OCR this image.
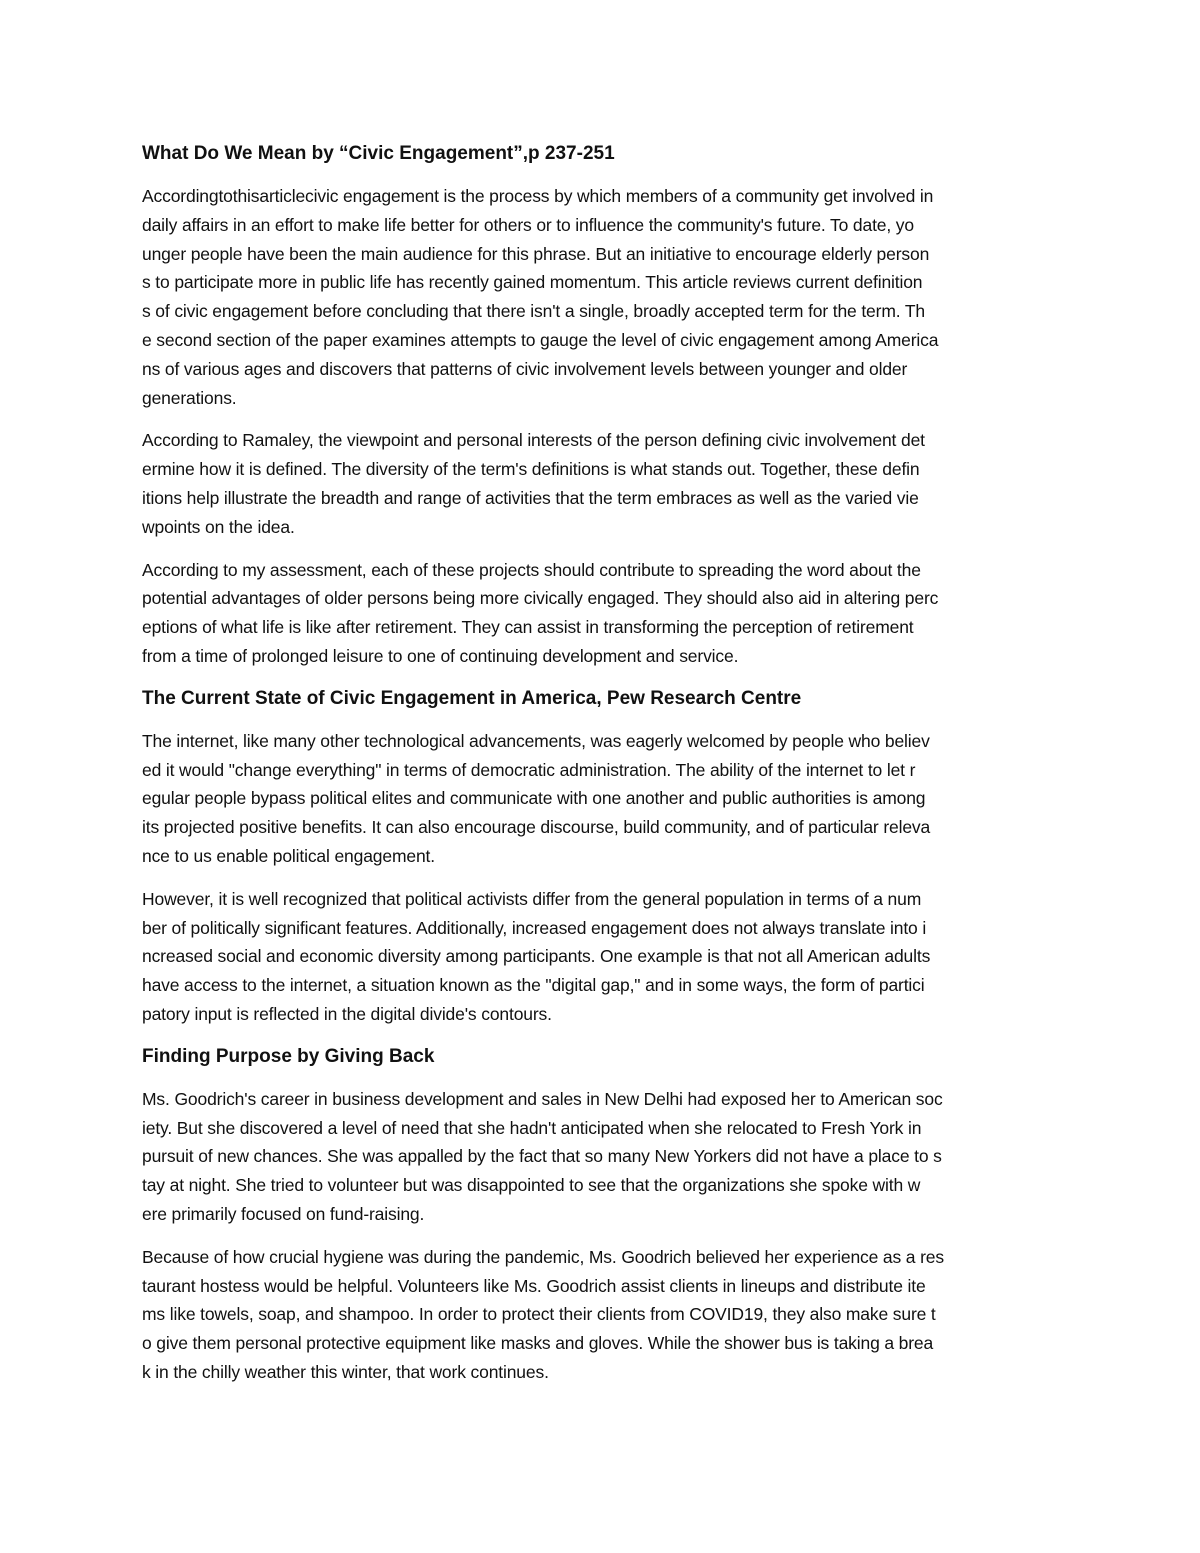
What Do We Mean by “Civic Engagement”,p 237-251
Accordingtothisarticlecivic engagement is the process by which members of a community get involved in
daily affairs in an effort to make life better for others or to influence the community's future. To date, yo
unger people have been the main audience for this phrase. But an initiative to encourage elderly person
s to participate more in public life has recently gained momentum. This article reviews current definition
s of civic engagement before concluding that there isn't a single, broadly accepted term for the term. Th
e second section of the paper examines attempts to gauge the level of civic engagement among America
ns of various ages and discovers that patterns of civic involvement levels between younger and older
generations.
According to Ramaley, the viewpoint and personal interests of the person defining civic involvement det
ermine how it is defined. The diversity of the term's definitions is what stands out. Together, these defin
itions help illustrate the breadth and range of activities that the term embraces as well as the varied vie
wpoints on the idea.
According to my assessment, each of these projects should contribute to spreading the word about the
potential advantages of older persons being more civically engaged. They should also aid in altering perc
eptions of what life is like after retirement. They can assist in transforming the perception of retirement
from a time of prolonged leisure to one of continuing development and service.
The Current State of Civic Engagement in America, Pew Research Centre
The internet, like many other technological advancements, was eagerly welcomed by people who believ
ed it would "change everything" in terms of democratic administration. The ability of the internet to let r
egular people bypass political elites and communicate with one another and public authorities is among
its projected positive benefits. It can also encourage discourse, build community, and of particular releva
nce to us enable political engagement.
However, it is well recognized that political activists differ from the general population in terms of a num
ber of politically significant features. Additionally, increased engagement does not always translate into i
ncreased social and economic diversity among participants. One example is that not all American adults
have access to the internet, a situation known as the "digital gap," and in some ways, the form of partici
patory input is reflected in the digital divide's contours.
Finding Purpose by Giving Back
Ms. Goodrich's career in business development and sales in New Delhi had exposed her to American soc
iety. But she discovered a level of need that she hadn't anticipated when she relocated to Fresh York in
pursuit of new chances. She was appalled by the fact that so many New Yorkers did not have a place to s
tay at night. She tried to volunteer but was disappointed to see that the organizations she spoke with w
ere primarily focused on fund-raising.
Because of how crucial hygiene was during the pandemic, Ms. Goodrich believed her experience as a res
taurant hostess would be helpful. Volunteers like Ms. Goodrich assist clients in lineups and distribute ite
ms like towels, soap, and shampoo. In order to protect their clients from COVID19, they also make sure t
o give them personal protective equipment like masks and gloves. While the shower bus is taking a brea
k in the chilly weather this winter, that work continues.
